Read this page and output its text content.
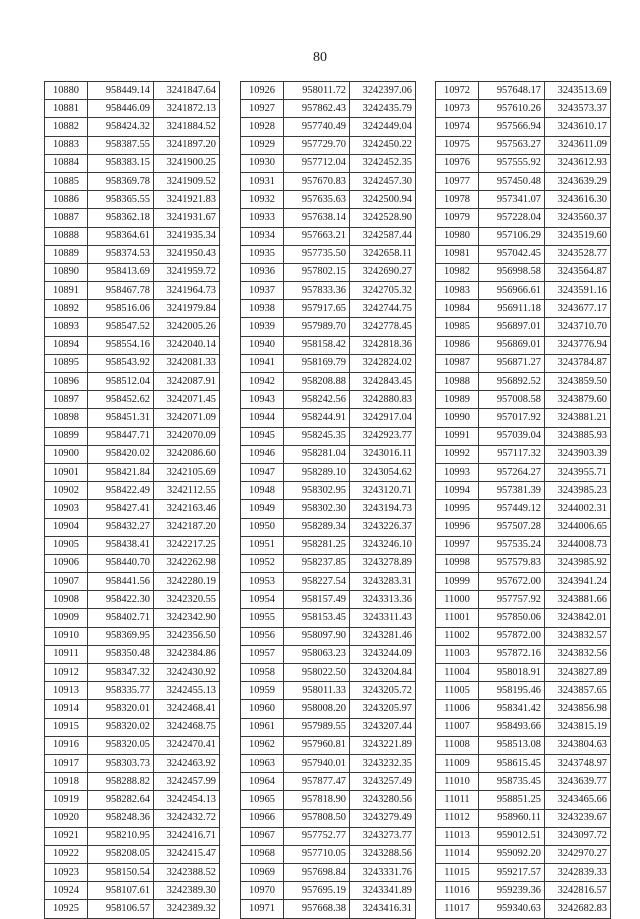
80
10880	958449.14	3241847.64
10881	958446.09	3241872.13
10882	958424.32	3241884.52
10883	958387.55	3241897.20
10884	958383.15	3241900.25
10885	958369.78	3241909.52
10886	958365.55	3241921.83
10887	958362.18	3241931.67
10888	958364.61	3241935.34
10889	958374.53	3241950.43
10890	958413.69	3241959.72
10891	958467.78	3241964.73
10892	958516.06	3241979.84
10893	958547.52	3242005.26
10894	958554.16	3242040.14
10895	958543.92	3242081.33
10896	958512.04	3242087.91
10897	958452.62	3242071.45
10898	958451.31	3242071.09
10899	958447.71	3242070.09
10900	958420.02	3242086.60
10901	958421.84	3242105.69
10902	958422.49	3242112.55
10903	958427.41	3242163.46
10904	958432.27	3242187.20
10905	958438.41	3242217.25
10906	958440.70	3242262.98
10907	958441.56	3242280.19
10908	958422.30	3242320.55
10909	958402.71	3242342.90
10910	958369.95	3242356.50
10911	958350.48	3242384.86
10912	958347.32	3242430.92
10913	958335.77	3242455.13
10914	958320.01	3242468.41
10915	958320.02	3242468.75
10916	958320.05	3242470.41
10917	958303.73	3242463.92
10918	958288.82	3242457.99
10919	958282.64	3242454.13
10920	958248.36	3242432.72
10921	958210.95	3242416.71
10922	958208.05	3242415.47
10923	958150.54	3242388.52
10924	958107.61	3242389.30
10925	958106.57	3242389.32
10926	958011.72	3242397.06
10927	957862.43	3242435.79
10928	957740.49	3242449.04
10929	957729.70	3242450.22
10930	957712.04	3242452.35
10931	957670.83	3242457.30
10932	957635.63	3242500.94
10933	957638.14	3242528.90
10934	957663.21	3242587.44
10935	957735.50	3242658.11
10936	957802.15	3242690.27
10937	957833.36	3242705.32
10938	957917.65	3242744.75
10939	957989.70	3242778.45
10940	958158.42	3242818.36
10941	958169.79	3242824.02
10942	958208.88	3242843.45
10943	958242.56	3242880.83
10944	958244.91	3242917.04
10945	958245.35	3242923.77
10946	958281.04	3243016.11
10947	958289.10	3243054.62
10948	958302.95	3243120.71
10949	958302.30	3243194.73
10950	958289.34	3243226.37
10951	958281.25	3243246.10
10952	958237.85	3243278.89
10953	958227.54	3243283.31
10954	958157.49	3243313.36
10955	958153.45	3243311.43
10956	958097.90	3243281.46
10957	958063.23	3243244.09
10958	958022.50	3243204.84
10959	958011.33	3243205.72
10960	958008.20	3243205.97
10961	957989.55	3243207.44
10962	957960.81	3243221.89
10963	957940.01	3243232.35
10964	957877.47	3243257.49
10965	957818.90	3243280.56
10966	957808.50	3243279.49
10967	957752.77	3243273.77
10968	957710.05	3243288.56
10969	957698.84	3243331.76
10970	957695.19	3243341.89
10971	957668.38	3243416.31
10972	957648.17	3243513.69
10973	957610.26	3243573.37
10974	957566.94	3243610.17
10975	957563.27	3243611.09
10976	957555.92	3243612.93
10977	957450.48	3243639.29
10978	957341.07	3243616.30
10979	957228.04	3243560.37
10980	957106.29	3243519.60
10981	957042.45	3243528.77
10982	956998.58	3243564.87
10983	956966.61	3243591.16
10984	956911.18	3243677.17
10985	956897.01	3243710.70
10986	956869.01	3243776.94
10987	956871.27	3243784.87
10988	956892.52	3243859.50
10989	957008.58	3243879.60
10990	957017.92	3243881.21
10991	957039.04	3243885.93
10992	957117.32	3243903.39
10993	957264.27	3243955.71
10994	957381.39	3243985.23
10995	957449.12	3244002.31
10996	957507.28	3244006.65
10997	957535.24	3244008.73
10998	957579.83	3243985.92
10999	957672.00	3243941.24
11000	957757.92	3243881.66
11001	957850.06	3243842.01
11002	957872.00	3243832.57
11003	957872.16	3243832.56
11004	958018.91	3243827.89
11005	958195.46	3243857.65
11006	958341.42	3243856.98
11007	958493.66	3243815.19
11008	958513.08	3243804.63
11009	958615.45	3243748.97
11010	958735.45	3243639.77
11011	958851.25	3243465.66
11012	958960.11	3243239.67
11013	959012.51	3243097.72
11014	959092.20	3242970.27
11015	959217.57	3242839.33
11016	959239.36	3242816.57
11017	959340.63	3242682.83
